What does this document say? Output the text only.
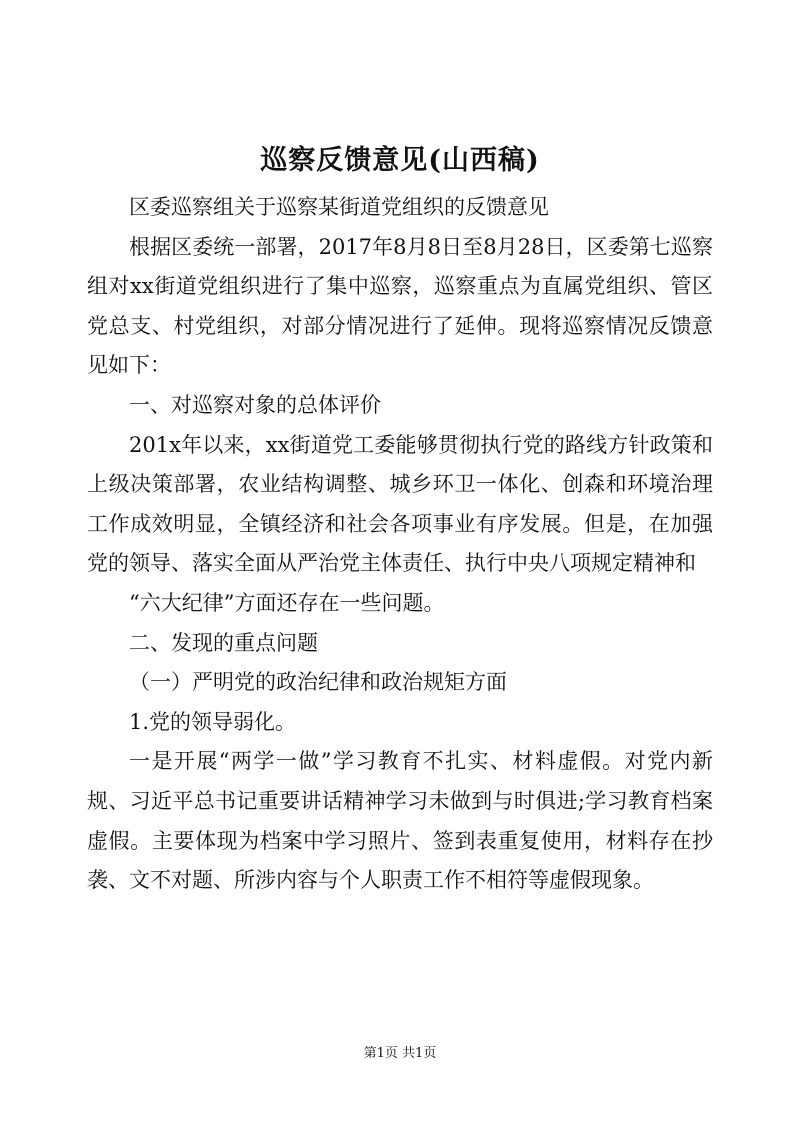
巡察反馈意见(山西稿)

区委巡察组关于巡察某街道党组织的反馈意见

根据区委统一部署，2017年8月8日至8月28日，区委第七巡察组对xx街道党组织进行了集中巡察，巡察重点为直属党组织、管区党总支、村党组织，对部分情况进行了延伸。现将巡察情况反馈意见如下：

一、对巡察对象的总体评价

201x年以来，xx街道党工委能够贯彻执行党的路线方针政策和上级决策部署，农业结构调整、城乡环卫一体化、创森和环境治理工作成效明显，全镇经济和社会各项事业有序发展。但是，在加强党的领导、落实全面从严治党主体责任、执行中央八项规定精神和

“六大纪律”方面还存在一些问题。

二、发现的重点问题

（一）严明党的政治纪律和政治规矩方面

1.党的领导弱化。

一是开展“两学一做”学习教育不扎实、材料虚假。对党内新规、习近平总书记重要讲话精神学习未做到与时俱进;学习教育档案虚假。主要体现为档案中学习照片、签到表重复使用，材料存在抄袭、文不对题、所涉内容与个人职责工作不相符等虚假现象。

第1页 共1页
